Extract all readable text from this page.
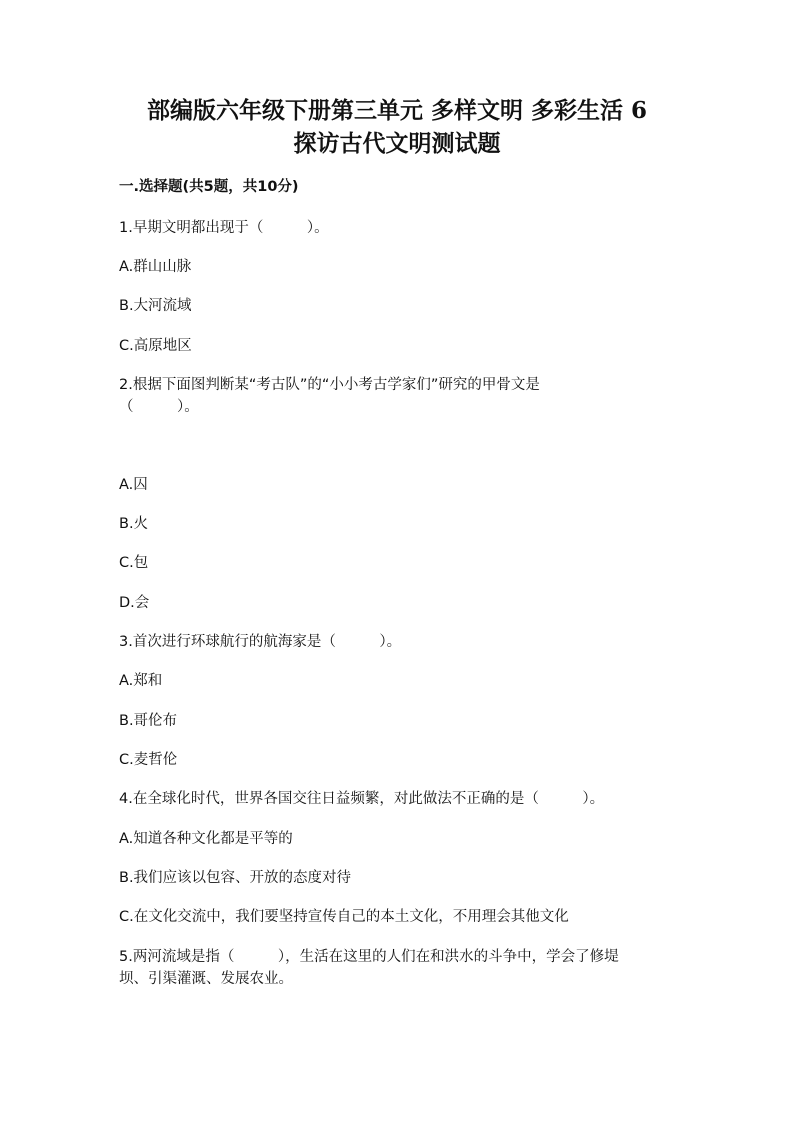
部编版六年级下册第三单元 多样文明 多彩生活 6
探访古代文明测试题
一.选择题(共5题，共10分)
1.早期文明都出现于（　　　）。
A.群山山脉
B.大河流域
C.高原地区
2.根据下面图判断某“考古队”的“小小考古学家们”研究的甲骨文是
（　　　）。
A.囚
B.火
C.包
D.会
3.首次进行环球航行的航海家是（　　　）。
A.郑和
B.哥伦布
C.麦哲伦
4.在全球化时代，世界各国交往日益频繁，对此做法不正确的是（　　　）。
A.知道各种文化都是平等的
B.我们应该以包容、开放的态度对待
C.在文化交流中，我们要坚持宣传自己的本土文化，不用理会其他文化
5.两河流域是指（　　　），生活在这里的人们在和洪水的斗争中，学会了修堤
坝、引渠灌溉、发展农业。
